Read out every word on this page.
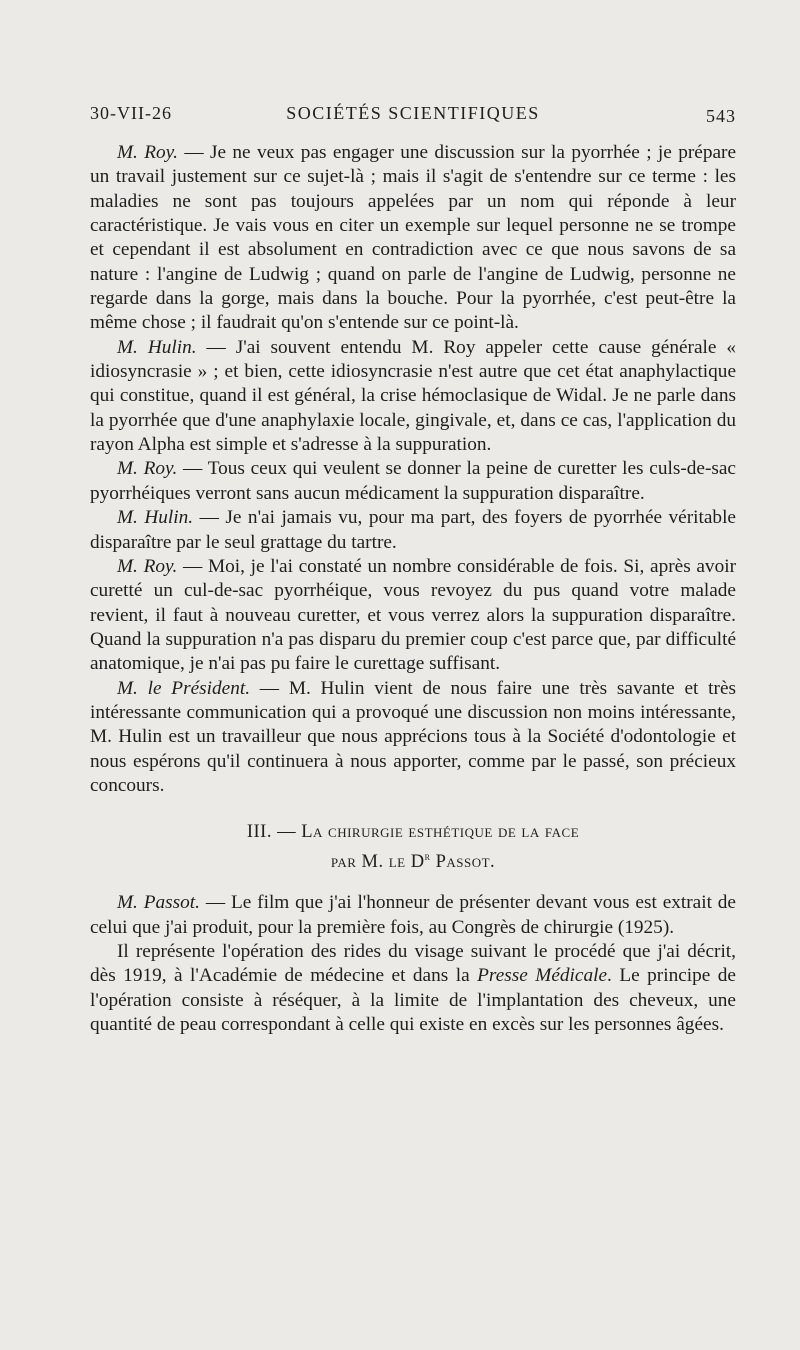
30-VII-26	SOCIÉTÉS SCIENTIFIQUES	543

M. Roy. — Je ne veux pas engager une discussion sur la pyorrhée ; je prépare un travail justement sur ce sujet-là ; mais il s'agit de s'entendre sur ce terme : les maladies ne sont pas toujours appelées par un nom qui réponde à leur caractéristique. Je vais vous en citer un exemple sur lequel personne ne se trompe et cependant il est absolument en contradiction avec ce que nous savons de sa nature : l'angine de Ludwig ; quand on parle de l'angine de Ludwig, personne ne regarde dans la gorge, mais dans la bouche. Pour la pyorrhée, c'est peut-être la même chose ; il faudrait qu'on s'entende sur ce point-là.

M. Hulin. — J'ai souvent entendu M. Roy appeler cette cause générale « idiosyncrasie » ; et bien, cette idiosyncrasie n'est autre que cet état anaphylactique qui constitue, quand il est général, la crise hémoclasique de Widal. Je ne parle dans la pyorrhée que d'une anaphylaxie locale, gingivale, et, dans ce cas, l'application du rayon Alpha est simple et s'adresse à la suppuration.

M. Roy. — Tous ceux qui veulent se donner la peine de curetter les culs-de-sac pyorrhéiques verront sans aucun médicament la suppuration disparaître.

M. Hulin. — Je n'ai jamais vu, pour ma part, des foyers de pyorrhée véritable disparaître par le seul grattage du tartre.

M. Roy. — Moi, je l'ai constaté un nombre considérable de fois. Si, après avoir curetté un cul-de-sac pyorrhéique, vous revoyez du pus quand votre malade revient, il faut à nouveau curetter, et vous verrez alors la suppuration disparaître. Quand la suppuration n'a pas disparu du premier coup c'est parce que, par difficulté anatomique, je n'ai pas pu faire le curettage suffisant.

M. le Président. — M. Hulin vient de nous faire une très savante et très intéressante communication qui a provoqué une discussion non moins intéressante, M. Hulin est un travailleur que nous apprécions tous à la Société d'odontologie et nous espérons qu'il continuera à nous apporter, comme par le passé, son précieux concours.

III. — La chirurgie esthétique de la face
par M. le $D^r$ Passot.

M. Passot. — Le film que j'ai l'honneur de présenter devant vous est extrait de celui que j'ai produit, pour la première fois, au Congrès de chirurgie (1925).

Il représente l'opération des rides du visage suivant le procédé que j'ai décrit, dès 1919, à l'Académie de médecine et dans la Presse Médicale. Le principe de l'opération consiste à réséquer, à la limite de l'implantation des cheveux, une quantité de peau correspondant à celle qui existe en excès sur les personnes âgées.
